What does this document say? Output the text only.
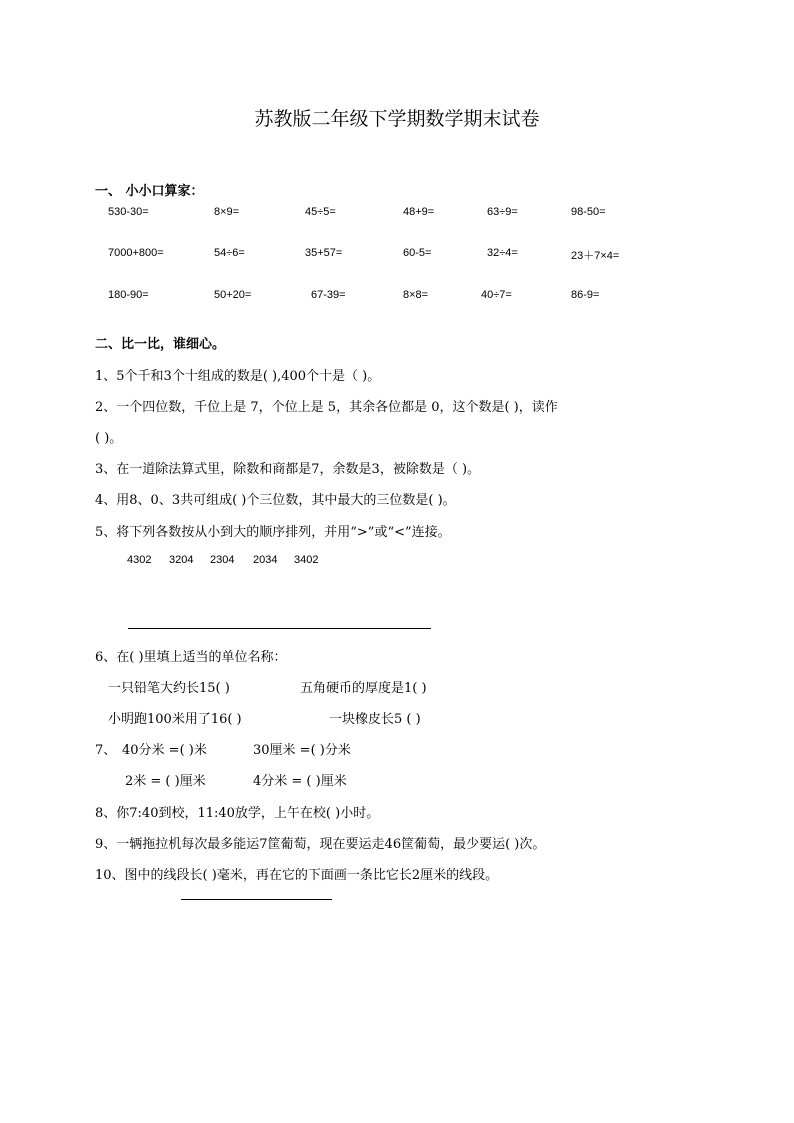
苏教版二年级下学期数学期末试卷
一、 小小口算家：
530-30=	8×9=	45÷5=	48+9=	63÷9=	98-50=
7000+800=	54÷6=	35+57=	60-5=	32÷4=	23＋7×4=
180-90=	50+20=	67-39=	8×8=	40÷7=	86-9=
二、比一比，谁细心。
1、5个千和3个十组成的数是( ),400个十是（ )。
2、一个四位数，千位上是 7，个位上是 5，其余各位都是 0，这个数是( )，读作
( )。
3、在一道除法算式里，除数和商都是7，余数是3，被除数是（ )。
4、用8、0、3共可组成( )个三位数，其中最大的三位数是( )。
5、将下列各数按从小到大的顺序排列，并用“>”或“<”连接。
4302 3204 2304 2034 3402
6、在( )里填上适当的单位名称：
一只铅笔大约长15( )	五角硬币的厚度是1( )
小明跑100米用了16( )	一块橡皮长5 ( )
7、 40分米 =( )米	30厘米 =( )分米
2米 = ( )厘米	4分米 = ( )厘米
8、你7:40到校，11:40放学，上午在校( )小时。
9、一辆拖拉机每次最多能运7筐葡萄，现在要运走46筐葡萄，最少要运( )次。
10、图中的线段长( )毫米，再在它的下面画一条比它长2厘米的线段。
